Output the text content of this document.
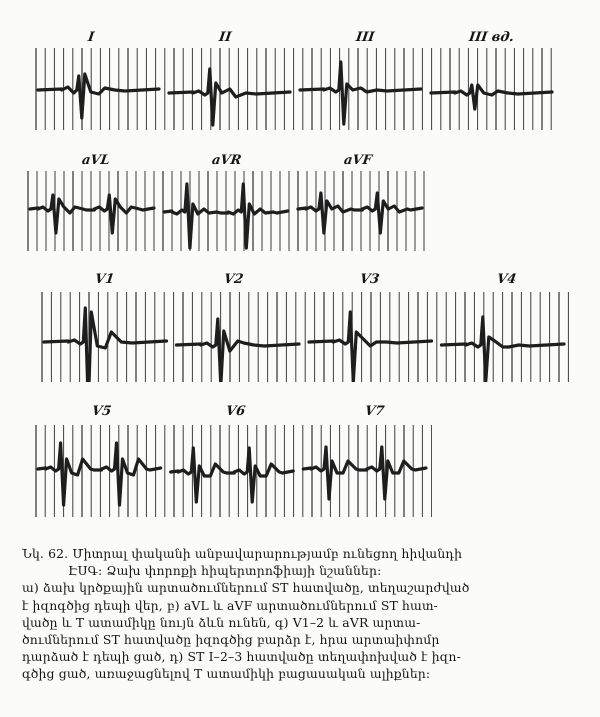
I	II	III	III вд.
aVL	aVR	aVF
V1	V2	V3	V4
V5	V6	V7
Նկ. 62. Միտրալ փականի անբավարարությամբ ունեցող հիվանդի
ԷՍԳ: Ձախ փորոքի հիպերտրոֆիայի նշաններ:
ա) ձախ կրծքային արտածումներում ST հատվածը, տեղաշարժված
է իզոգծից դեպի վեր, բ) aVL և aVF արտածումներում ST հատ-
վածը և T ատամիկը նույն ձևն ունեն, գ) V1–2 և aVR արտա-
ծումներում ST հատվածը իզոգծից բարձր է, հրա արտաիփոմր
դարձած է դեպի ցած, դ) ST I–2–3 հատվածը տեղափոխված է իզո-
գծից ցած, առաջացնելով T ատամիկի բացասական ալիքներ:
